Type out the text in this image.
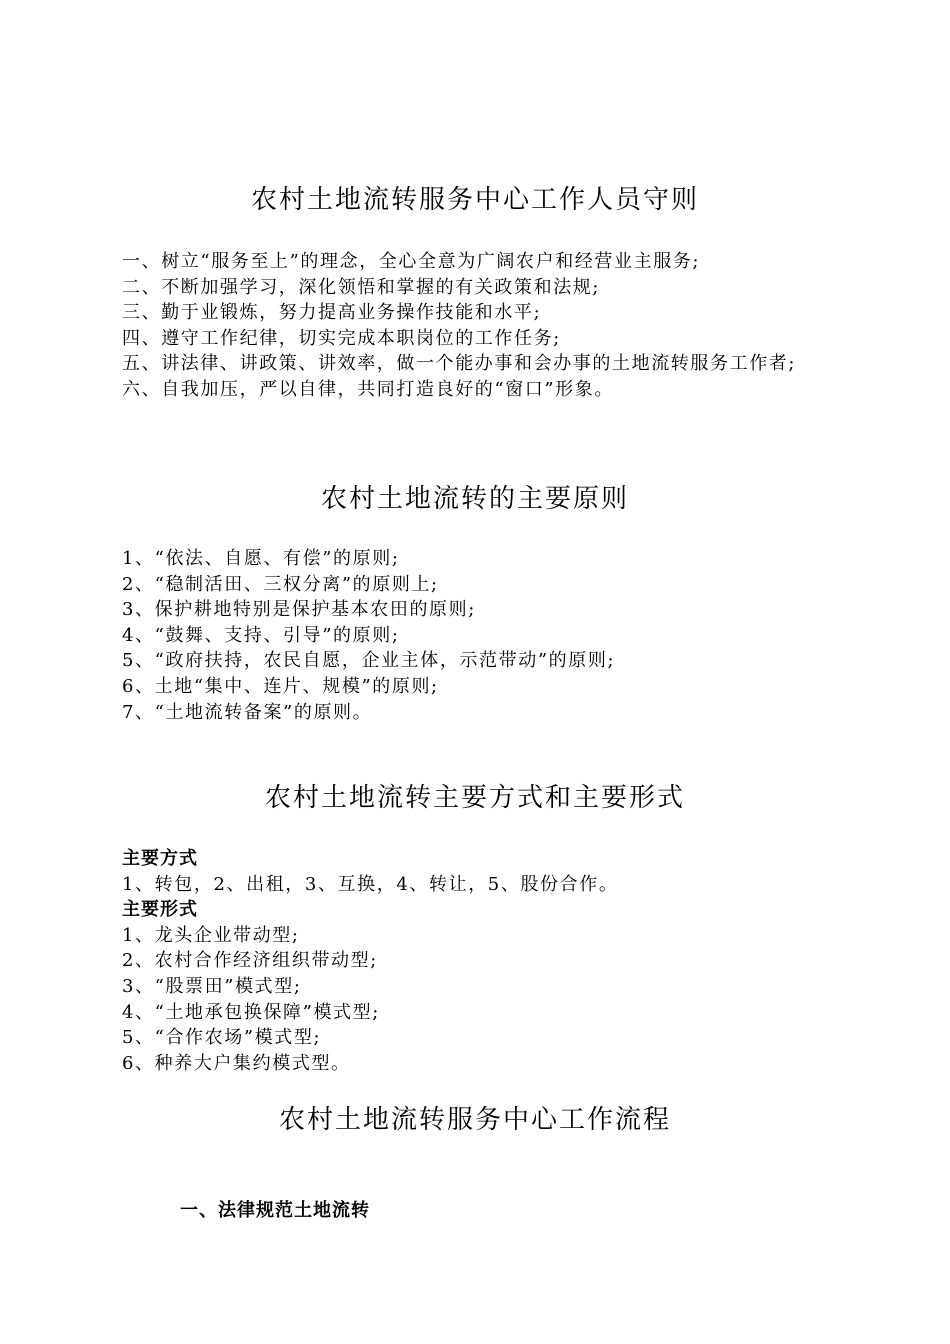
农村土地流转服务中心工作人员守则
一、树立“服务至上”的理念，全心全意为广阔农户和经营业主服务;
二、不断加强学习，深化领悟和掌握的有关政策和法规;
三、勤于业锻炼，努力提高业务操作技能和水平;
四、遵守工作纪律，切实完成本职岗位的工作任务;
五、讲法律、讲政策、讲效率，做一个能办事和会办事的土地流转服务工作者;
六、自我加压，严以自律，共同打造良好的“窗口”形象。
农村土地流转的主要原则
1、“依法、自愿、有偿”的原则;
2、“稳制活田、三权分离”的原则上;
3、保护耕地特别是保护基本农田的原则;
4、“鼓舞、支持、引导”的原则;
5、“政府扶持，农民自愿，企业主体，示范带动”的原则;
6、土地“集中、连片、规模”的原则;
7、“土地流转备案”的原则。
农村土地流转主要方式和主要形式
主要方式
1、转包，2、出租，3、互换，4、转让，5、股份合作。
主要形式
1、龙头企业带动型;
2、农村合作经济组织带动型;
3、“股票田”模式型;
4、“土地承包换保障”模式型;
5、“合作农场”模式型;
6、种养大户集约模式型。
农村土地流转服务中心工作流程
一、法律规范土地流转
